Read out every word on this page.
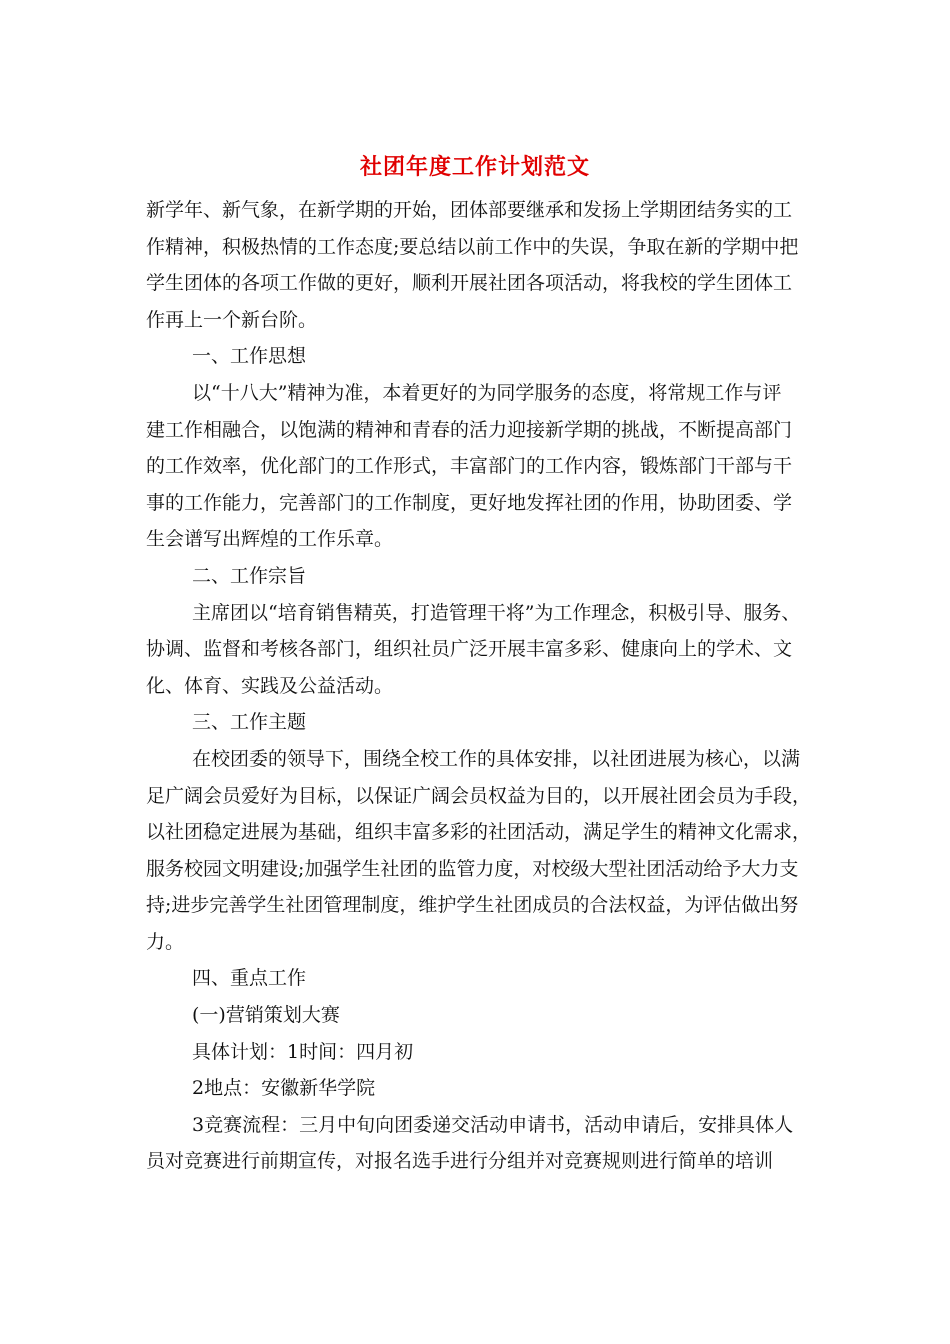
社团年度工作计划范文
新学年、新气象，在新学期的开始，团体部要继承和发扬上学期团结务实的工
作精神，积极热情的工作态度;要总结以前工作中的失误，争取在新的学期中把
学生团体的各项工作做的更好，顺利开展社团各项活动，将我校的学生团体工
作再上一个新台阶。
一、工作思想
以“十八大”精神为准，本着更好的为同学服务的态度，将常规工作与评
建工作相融合，以饱满的精神和青春的活力迎接新学期的挑战，不断提高部门
的工作效率，优化部门的工作形式，丰富部门的工作内容，锻炼部门干部与干
事的工作能力，完善部门的工作制度，更好地发挥社团的作用，协助团委、学
生会谱写出辉煌的工作乐章。
二、工作宗旨
主席团以“培育销售精英，打造管理干将”为工作理念，积极引导、服务、
协调、监督和考核各部门，组织社员广泛开展丰富多彩、健康向上的学术、文
化、体育、实践及公益活动。
三、工作主题
在校团委的领导下，围绕全校工作的具体安排，以社团进展为核心，以满
足广阔会员爱好为目标，以保证广阔会员权益为目的，以开展社团会员为手段，
以社团稳定进展为基础，组织丰富多彩的社团活动，满足学生的精神文化需求，
服务校园文明建设;加强学生社团的监管力度，对校级大型社团活动给予大力支
持;进步完善学生社团管理制度，维护学生社团成员的合法权益，为评估做出努
力。
四、重点工作
(一)营销策划大赛
具体计划：1时间：四月初
2地点：安徽新华学院
3竞赛流程：三月中旬向团委递交活动申请书，活动申请后，安排具体人
员对竞赛进行前期宣传，对报名选手进行分组并对竞赛规则进行简单的培训
